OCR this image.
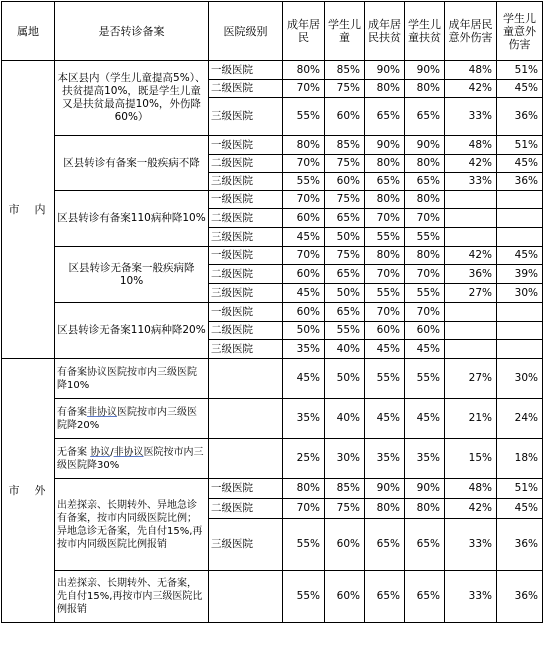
属地	是否转诊备案	医院级别	成年居民	学生儿童	成年居民扶贫	学生儿童扶贫	成年居民意外伤害	学生儿童意外伤害
市　内	本区县内（学生儿童提高5%）、扶贫提高10%，既是学生儿童又是扶贫最高提10%，外伤降60%）	一级医院	80%	85%	90%	90%	48%	51%
		二级医院	70%	75%	80%	80%	42%	45%
		三级医院	55%	60%	65%	65%	33%	36%
	区县转诊有备案一般疾病不降	一级医院	80%	85%	90%	90%	48%	51%
		二级医院	70%	75%	80%	80%	42%	45%
		三级医院	55%	60%	65%	65%	33%	36%
	区县转诊有备案110病种降10%	一级医院	70%	75%	80%	80%		
		二级医院	60%	65%	70%	70%		
		三级医院	45%	50%	55%	55%		
	区县转诊无备案一般疾病降10%	一级医院	70%	75%	80%	80%	42%	45%
		二级医院	60%	65%	70%	70%	36%	39%
		三级医院	45%	50%	55%	55%	27%	30%
	区县转诊无备案110病种降20%	一级医院	60%	65%	70%	70%		
		二级医院	50%	55%	60%	60%		
		三级医院	35%	40%	45%	45%		
市　外	有备案协议医院按市内三级医院降10%		45%	50%	55%	55%	27%	30%
	有备案非协议医院按市内三级医院降20%		35%	40%	45%	45%	21%	24%
	无备案 协议/非协议医院按市内三级医院降30%		25%	30%	35%	35%	15%	18%
	出差探亲、长期转外、异地急诊有备案，按市内同级医院比例；异地急诊无备案，先自付15%,再按市内同级医院比例报销	一级医院	80%	85%	90%	90%	48%	51%
		二级医院	70%	75%	80%	80%	42%	45%
		三级医院	55%	60%	65%	65%	33%	36%
	出差探亲、长期转外、无备案，先自付15%,再按市内三级医院比例报销		55%	60%	65%	65%	33%	36%
